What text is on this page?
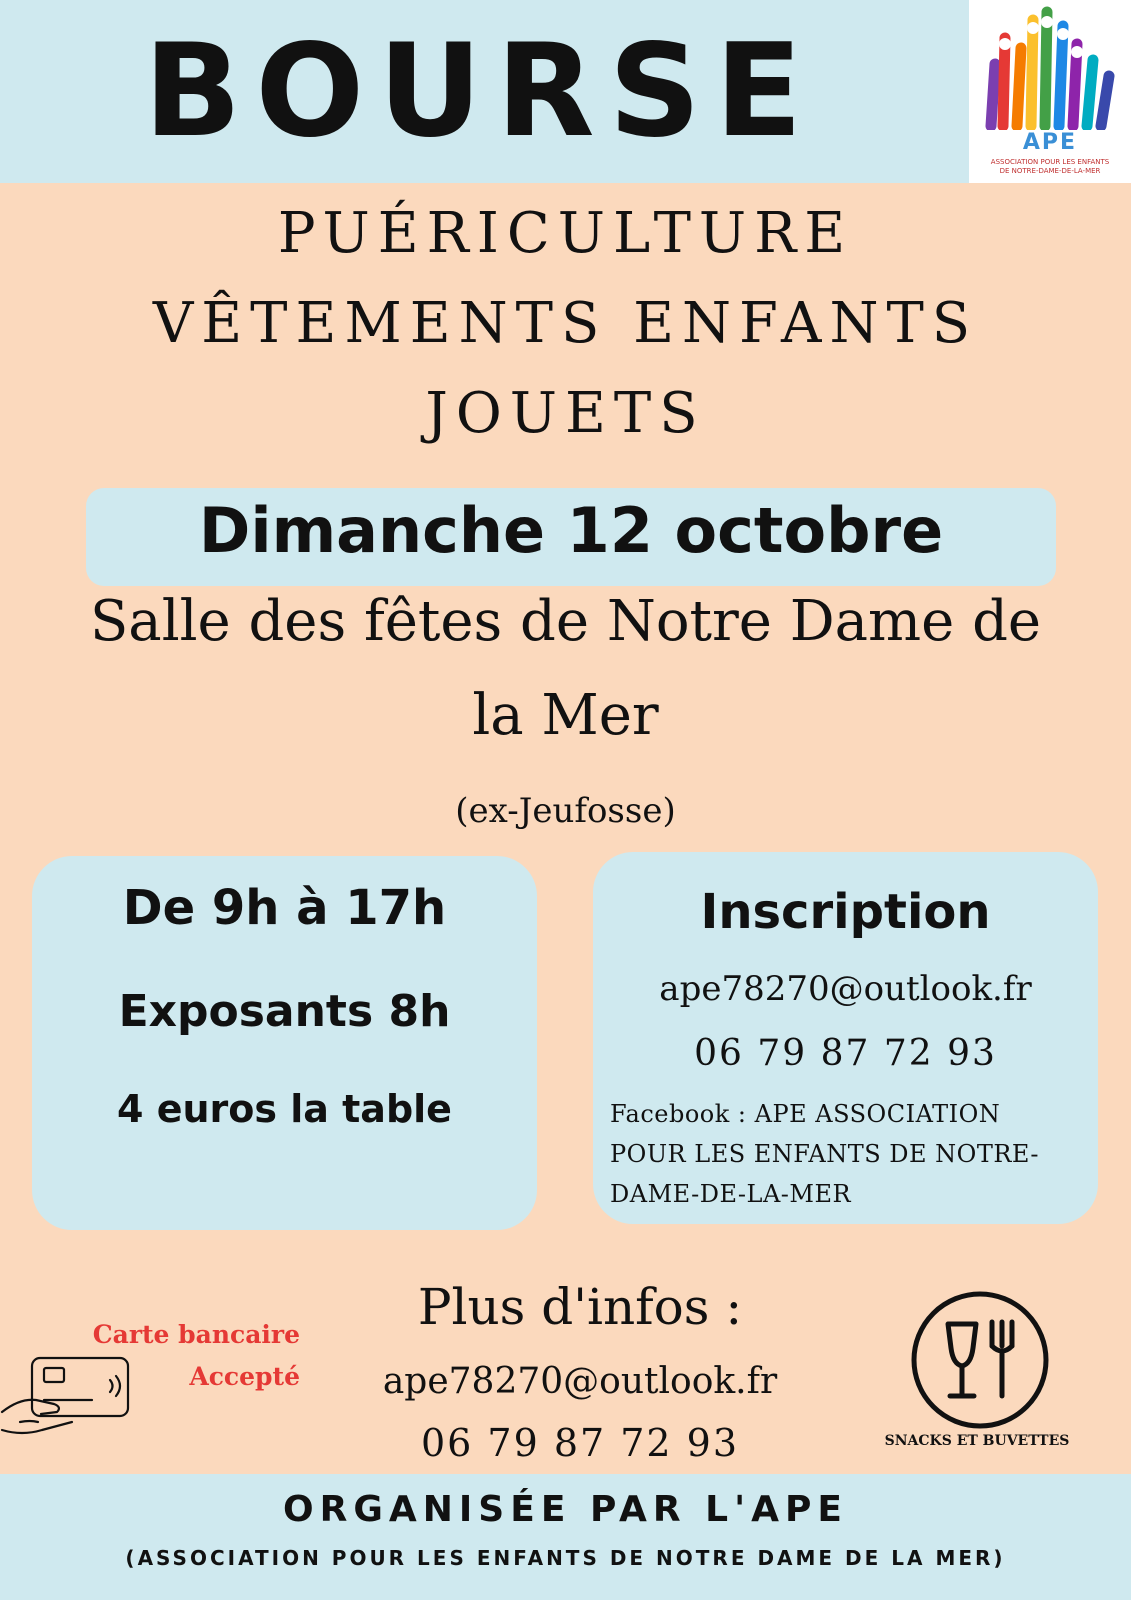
BOURSE	APE
ASSOCIATION POUR LES ENFANTS
DE NOTRE-DAME-DE-LA-MER
PUÉRICULTURE
VÊTEMENTS ENFANTS
JOUETS
Dimanche 12 octobre
Salle des fêtes de Notre Dame de
la Mer
(ex-Jeufosse)
De 9h à 17h
Exposants 8h
4 euros la table
Inscription
ape78270@outlook.fr
06 79 87 72 93
Facebook : APE ASSOCIATION
POUR LES ENFANTS DE NOTRE-
DAME-DE-LA-MER
Carte bancaire
Accepté
Plus d'infos :
ape78270@outlook.fr
06 79 87 72 93	SNACKS ET BUVETTES
ORGANISÉE PAR L'APE
(ASSOCIATION POUR LES ENFANTS DE NOTRE DAME DE LA MER)
